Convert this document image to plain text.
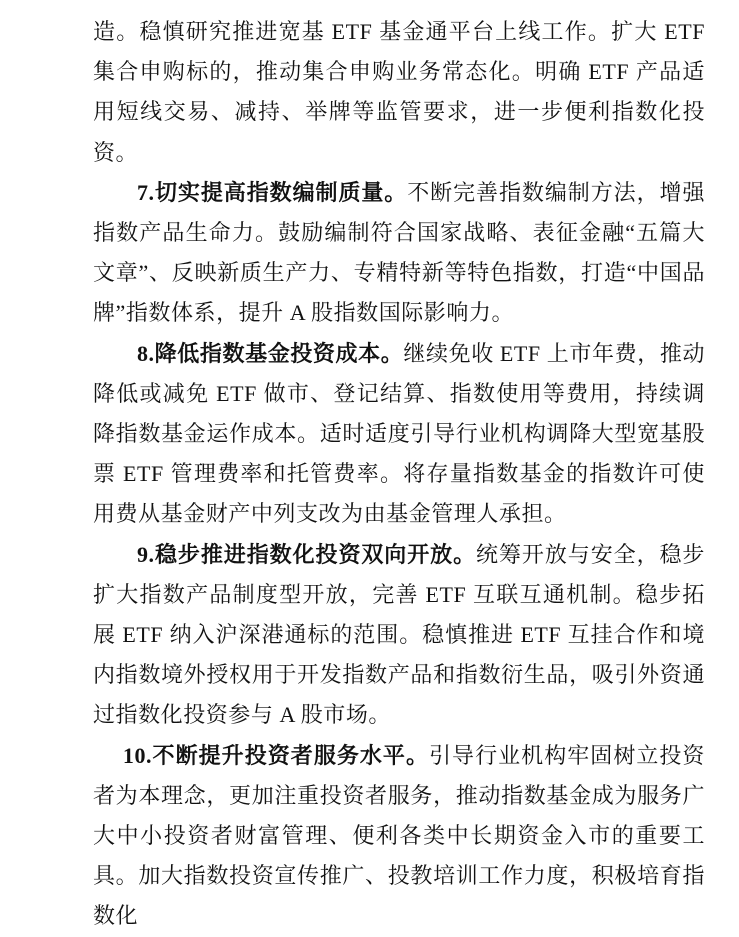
造。稳慎研究推进宽基 ETF 基金通平台上线工作。扩大 ETF 集合申购标的，推动集合申购业务常态化。明确 ETF 产品适用短线交易、减持、举牌等监管要求，进一步便利指数化投资。

7.切实提高指数编制质量。不断完善指数编制方法，增强指数产品生命力。鼓励编制符合国家战略、表征金融“五篇大文章”、反映新质生产力、专精特新等特色指数，打造“中国品牌”指数体系，提升 A 股指数国际影响力。

8.降低指数基金投资成本。继续免收 ETF 上市年费，推动降低或减免 ETF 做市、登记结算、指数使用等费用，持续调降指数基金运作成本。适时适度引导行业机构调降大型宽基股票 ETF 管理费率和托管费率。将存量指数基金的指数许可使用费从基金财产中列支改为由基金管理人承担。

9.稳步推进指数化投资双向开放。统筹开放与安全，稳步扩大指数产品制度型开放，完善 ETF 互联互通机制。稳步拓展 ETF 纳入沪深港通标的范围。稳慎推进 ETF 互挂合作和境内指数境外授权用于开发指数产品和指数衍生品，吸引外资通过指数化投资参与 A 股市场。

10.不断提升投资者服务水平。引导行业机构牢固树立投资者为本理念，更加注重投资者服务，推动指数基金成为服务广大中小投资者财富管理、便利各类中长期资金入市的重要工具。加大指数投资宣传推广、投教培训工作力度，积极培育指数化
